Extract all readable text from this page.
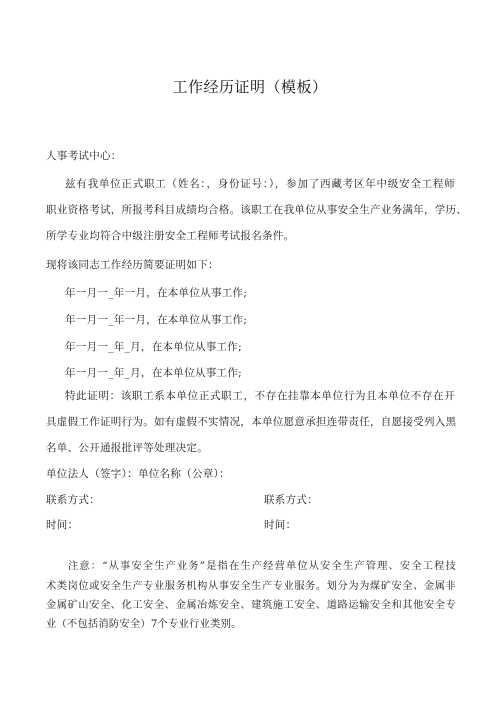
工作经历证明（模板）
人事考试中心：
兹有我单位正式职工（姓名：，身份证号：），参加了西藏考区年中级安全工程师
职业资格考试，所报考科目成绩均合格。该职工在我单位从事安全生产业务满年，学历、
所学专业均符合中级注册安全工程师考试报名条件。
现将该同志工作经历简要证明如下：
年一月一_年一月，在本单位从事工作;
年一月一_年一月，在本单位从事工作;
年一月一_年_月，在本单位从事工作;
年一月一_年_月，在本单位从事工作;
特此证明：该职工系本单位正式职工，不存在挂靠本单位行为且本单位不存在开
具虚假工作证明行为。如有虚假不实情况，本单位愿意承担连带责任，自愿接受列入黑
名单、公开通报批评等处理决定。
单位法人（签字）：单位名称（公章）：
联系方式：	联系方式：
时间：	时间：
注意：“从事安全生产业务”是指在生产经营单位从安全生产管理、安全工程技
术类岗位或安全生产专业服务机构从事安全生产专业服务。划分为为煤矿安全、金属非
金属矿山安全、化工安全、金属冶炼安全、建筑施工安全、道路运输安全和其他安全专
业（不包括消防安全）7个专业行业类别。
